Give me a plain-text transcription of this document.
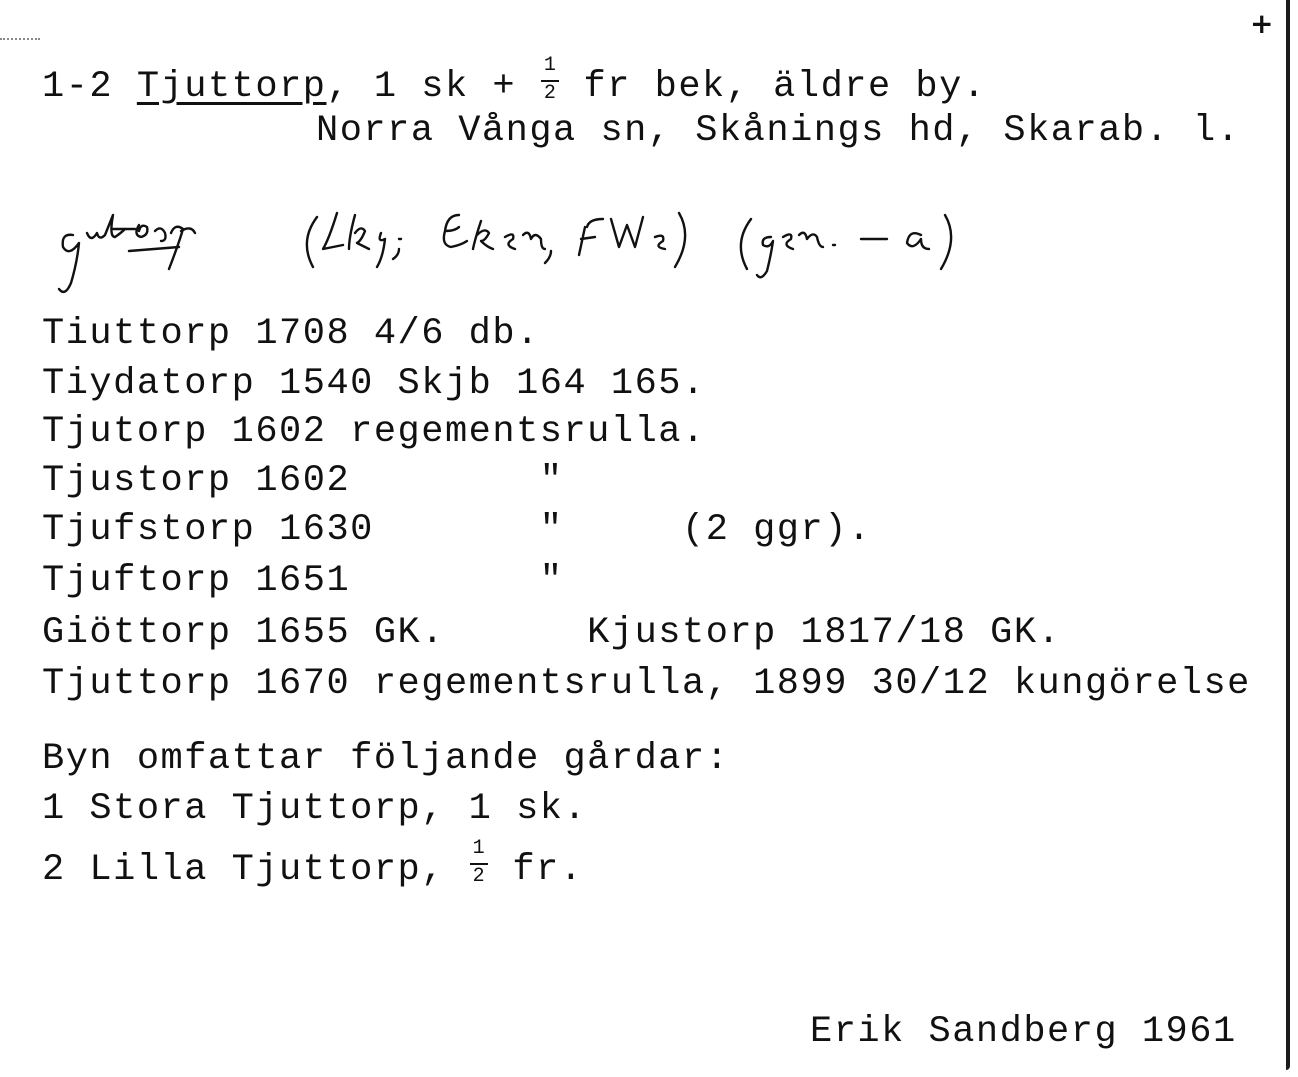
+
1-2 Tjuttorp, 1 sk + $\frac{1}{2}$ fr bek, äldre by.
Norra Vånga sn, Skånings hd, Skarab. l.
Tiuttorp 1708 4/6 db.
Tiydatorp 1540 Skjb 164 165.
Tjutorp 1602 regementsrulla.
Tjustorp 1602        "
Tjufstorp 1630       "     (2 ggr).
Tjuftorp 1651        "
Giöttorp 1655 GK.      Kjustorp 1817/18 GK.
Tjuttorp 1670 regementsrulla, 1899 30/12 kungörelse
Byn omfattar följande gårdar:
1 Stora Tjuttorp, 1 sk.
2 Lilla Tjuttorp, $\frac{1}{2}$ fr.
Erik Sandberg 1961
